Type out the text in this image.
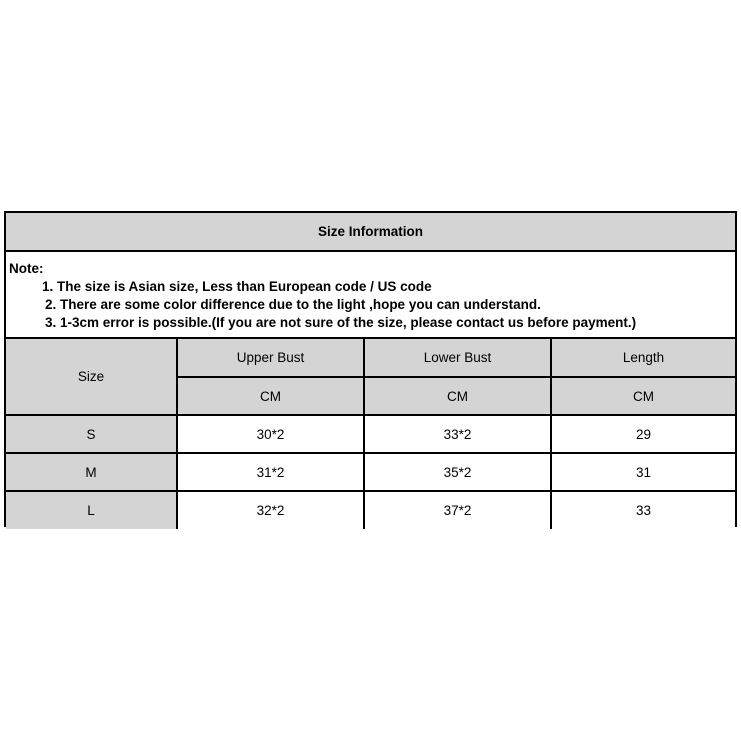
Size Information
Note:
1. The size is Asian size, Less than European code / US code
2. There are some color difference due to the light ,hope you can understand.
3. 1-3cm error is possible.(If you are not sure of the size, please contact us before payment.)
Size	Upper Bust	Lower Bust	Length
	CM	CM	CM
S	30*2	33*2	29
M	31*2	35*2	31
L	32*2	37*2	33
